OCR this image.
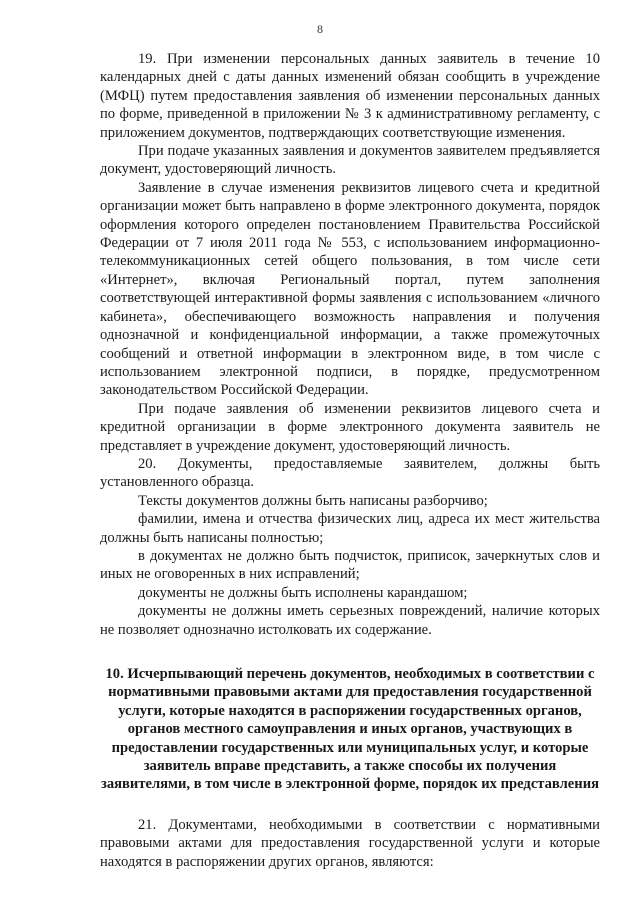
8

19. При изменении персональных данных заявитель в течение 10 календарных дней с даты данных изменений обязан сообщить в учреждение (МФЦ) путем предоставления заявления об изменении персональных данных по форме, приведенной в приложении № 3 к административному регламенту, с приложением документов, подтверждающих соответствующие изменения.

При подаче указанных заявления и документов заявителем предъявляется документ, удостоверяющий личность.

Заявление в случае изменения реквизитов лицевого счета и кредитной организации может быть направлено в форме электронного документа, порядок оформления которого определен постановлением Правительства Российской Федерации от 7 июля 2011 года № 553, с использованием информационно-телекоммуникационных сетей общего пользования, в том числе сети «Интернет», включая Региональный портал, путем заполнения соответствующей интерактивной формы заявления с использованием «личного кабинета», обеспечивающего возможность направления и получения однозначной и конфиденциальной информации, а также промежуточных сообщений и ответной информации в электронном виде, в том числе с использованием электронной подписи, в порядке, предусмотренном законодательством Российской Федерации.

При подаче заявления об изменении реквизитов лицевого счета и кредитной организации в форме электронного документа заявитель не представляет в учреждение документ, удостоверяющий личность.

20. Документы, предоставляемые заявителем, должны быть установленного образца.

Тексты документов должны быть написаны разборчиво;

фамилии, имена и отчества физических лиц, адреса их мест жительства должны быть написаны полностью;

в документах не должно быть подчисток, приписок, зачеркнутых слов и иных не оговоренных в них исправлений;

документы не должны быть исполнены карандашом;

документы не должны иметь серьезных повреждений, наличие которых не позволяет однозначно истолковать их содержание.

10. Исчерпывающий перечень документов, необходимых в соответствии с нормативными правовыми актами для предоставления государственной услуги, которые находятся в распоряжении государственных органов, органов местного самоуправления и иных органов, участвующих в предоставлении государственных или муниципальных услуг, и которые заявитель вправе представить, а также способы их получения заявителями, в том числе в электронной форме, порядок их представления

21. Документами, необходимыми в соответствии с нормативными правовыми актами для предоставления государственной услуги и которые находятся в распоряжении других органов, являются:
